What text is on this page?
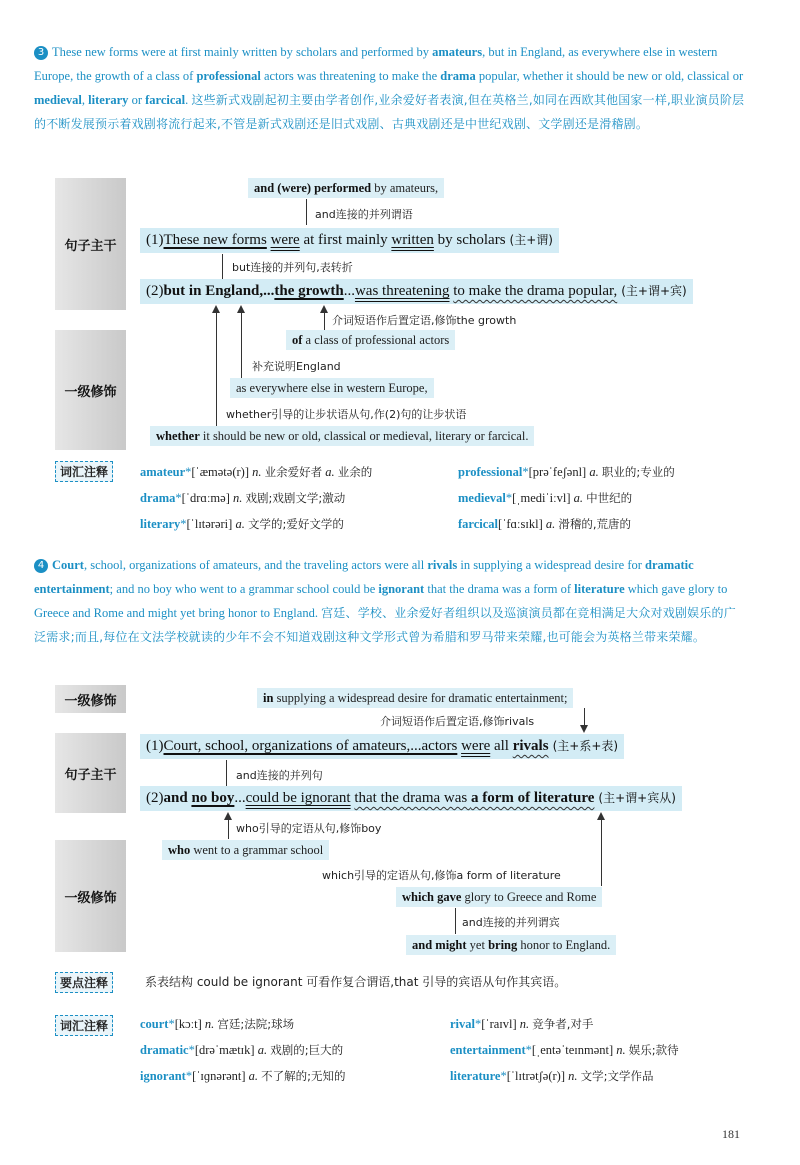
3 These new forms were at first mainly written by scholars and performed by amateurs, but in England, as everywhere else in western Europe, the growth of a class of professional actors was threatening to make the drama popular, whether it should be new or old, classical or medieval, literary or farcical. 这些新式戏剧起初主要由学者创作,业余爱好者表演,但在英格兰,如同在西欧其他国家一样,职业演员阶层的不断发展预示着戏剧将流行起来,不管是新式戏剧还是旧式戏剧、古典戏剧还是中世纪戏剧、文学剧还是滑稽剧。
句子主干
一级修饰
and (were) performed by amateurs,
and连接的并列谓语
(1)These new forms were at first mainly written by scholars (主+谓)
but连接的并列句,表转折
(2)but in England,...the growth...was threatening to make the drama popular, (主+谓+宾)
介词短语作后置定语,修饰the growth
of a class of professional actors
补充说明England
as everywhere else in western Europe,
whether引导的让步状语从句,作(2)句的让步状语
whether it should be new or old, classical or medieval, literary or farcical.
词汇注释	amateur*[ˈæmətə(r)] n. 业余爱好者 a. 业余的	professional*[prəˈfeʃənl] a. 职业的;专业的
drama*[ˈdrɑːmə] n. 戏剧;戏剧文学;激动	medieval*[ˌmediˈiːvl] a. 中世纪的
literary*[ˈlɪtərəri] a. 文学的;爱好文学的	farcical[ˈfɑːsɪkl] a. 滑稽的,荒唐的
4 Court, school, organizations of amateurs, and the traveling actors were all rivals in supplying a widespread desire for dramatic entertainment; and no boy who went to a grammar school could be ignorant that the drama was a form of literature which gave glory to Greece and Rome and might yet bring honor to England. 宫廷、学校、业余爱好者组织以及巡演演员都在竞相满足大众对戏剧娱乐的广泛需求;而且,每位在文法学校就读的少年不会不知道戏剧这种文学形式曾为希腊和罗马带来荣耀,也可能会为英格兰带来荣耀。
一级修饰
句子主干
一级修饰
in supplying a widespread desire for dramatic entertainment;
介词短语作后置定语,修饰rivals
(1)Court, school, organizations of amateurs,...actors were all rivals (主+系+表)
and连接的并列句
(2)and no boy...could be ignorant that the drama was a form of literature (主+谓+宾从)
who引导的定语从句,修饰boy
who went to a grammar school
which引导的定语从句,修饰a form of literature
which gave glory to Greece and Rome
and连接的并列谓宾
and might yet bring honor to England.
要点注释	系表结构 could be ignorant 可看作复合谓语,that 引导的宾语从句作其宾语。
词汇注释	court*[kɔːt] n. 宫廷;法院;球场	rival*[ˈraɪvl] n. 竞争者,对手
dramatic*[drəˈmætɪk] a. 戏剧的;巨大的	entertainment*[ˌentəˈteɪnmənt] n. 娱乐;款待
ignorant*[ˈɪɡnərənt] a. 不了解的;无知的	literature*[ˈlɪtrətʃə(r)] n. 文学;文学作品
181
